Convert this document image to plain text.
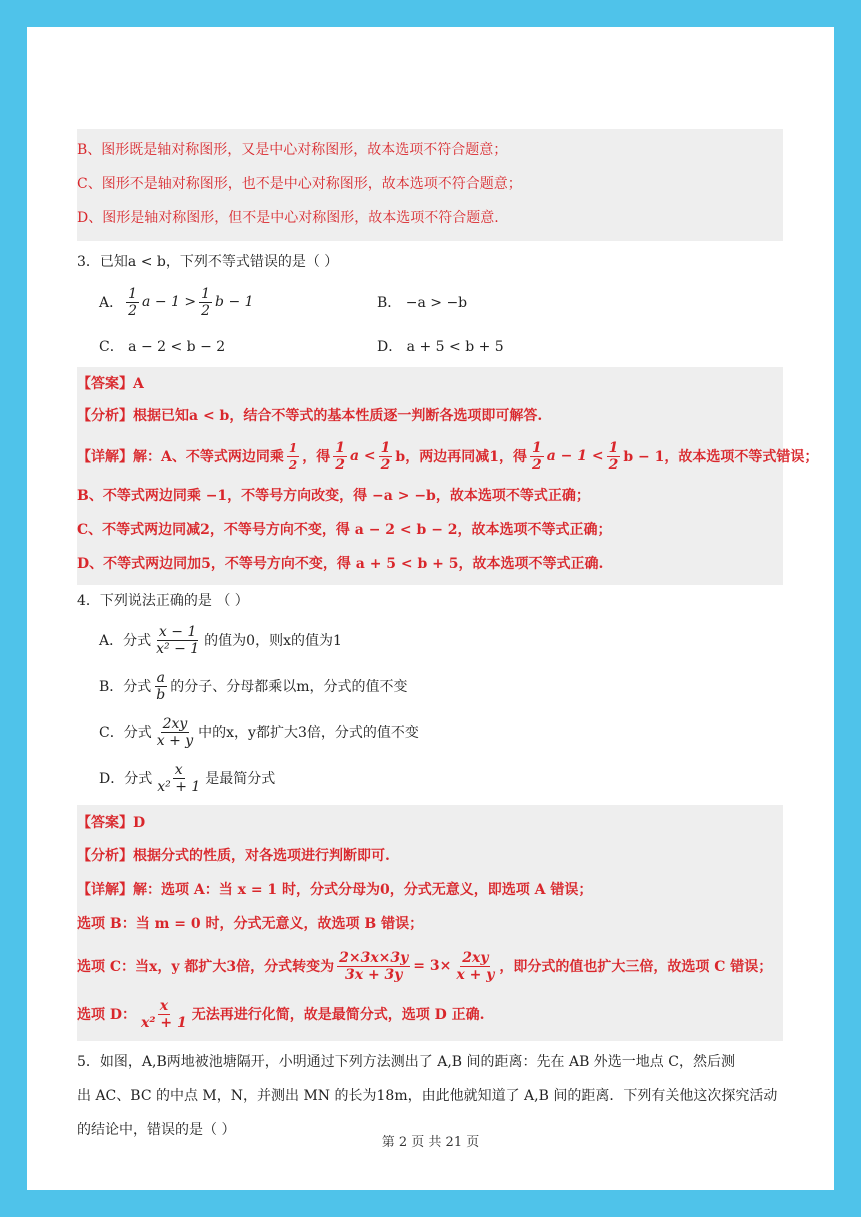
B、图形既是轴对称图形，又是中心对称图形，故本选项不符合题意；
C、图形不是轴对称图形，也不是中心对称图形，故本选项不符合题意；
D、图形是轴对称图形，但不是中心对称图形，故本选项不符合题意.
3．已知a < b，下列不等式错误的是（ ）
A． $\frac{1}{2}$ $a - 1 > \frac{1}{2}$ b − 1	B． −a > −b
C． a − 2 < b − 2	D． a + 5 < b + 5
【答案】A
【分析】根据已知a < b，结合不等式的基本性质逐一判断各选项即可解答.
【详解】解：A、不等式两边同乘 $\frac{1}{2}$ ，得 $\frac{1}{2}$ $a < \frac{1}{2}$ b，两边再同减1，得 $\frac{1}{2}$ $a - 1 < \frac{1}{2}$ b − 1，故本选项不等式错误；
B、不等式两边同乘 −1，不等号方向改变，得 −a > −b，故本选项不等式正确；
C、不等式两边同减2，不等号方向不变，得 a − 2 < b − 2，故本选项不等式正确；
D、不等式两边同加5，不等号方向不变，得 a + 5 < b + 5，故本选项不等式正确.
4．下列说法正确的是 （ ）
A．分式 $\frac{x - 1}{\text{x² − 1}}$ 的值为0，则x的值为1
B．分式 $\frac{a}{b}$ 的分子、分母都乘以m，分式的值不变
C．分式 $\frac{2xy}{x + y}$ 中的x，y都扩大3倍，分式的值不变
D．分式 $\frac{x}{\text{x² + 1}}$ 是最简分式
【答案】D
【分析】根据分式的性质，对各选项进行判断即可.
【详解】解：选项 A：当 x = 1 时，分式分母为0，分式无意义，即选项 A 错误；
选项 B：当 m = 0 时，分式无意义，故选项 B 错误；
选项 C：当x，y 都扩大3倍，分式转变为 $\frac{2\times 3x\times 3y}{3x + 3y} = 3\times \frac{2xy}{x + y}$ ，即分式的值也扩大三倍，故选项 C 错误；
选项 D： $\frac{x}{\text{x² + 1}}$ 无法再进行化简，故是最简分式，选项 D 正确.
5．如图，A,B两地被池塘隔开，小明通过下列方法测出了 A,B 间的距离：先在 AB 外选一地点 C，然后测
出 AC、BC 的中点 M，N，并测出 MN 的长为18m，由此他就知道了 A,B 间的距离．下列有关他这次探究活动
的结论中，错误的是（ ）
第 2 页 共 21 页
